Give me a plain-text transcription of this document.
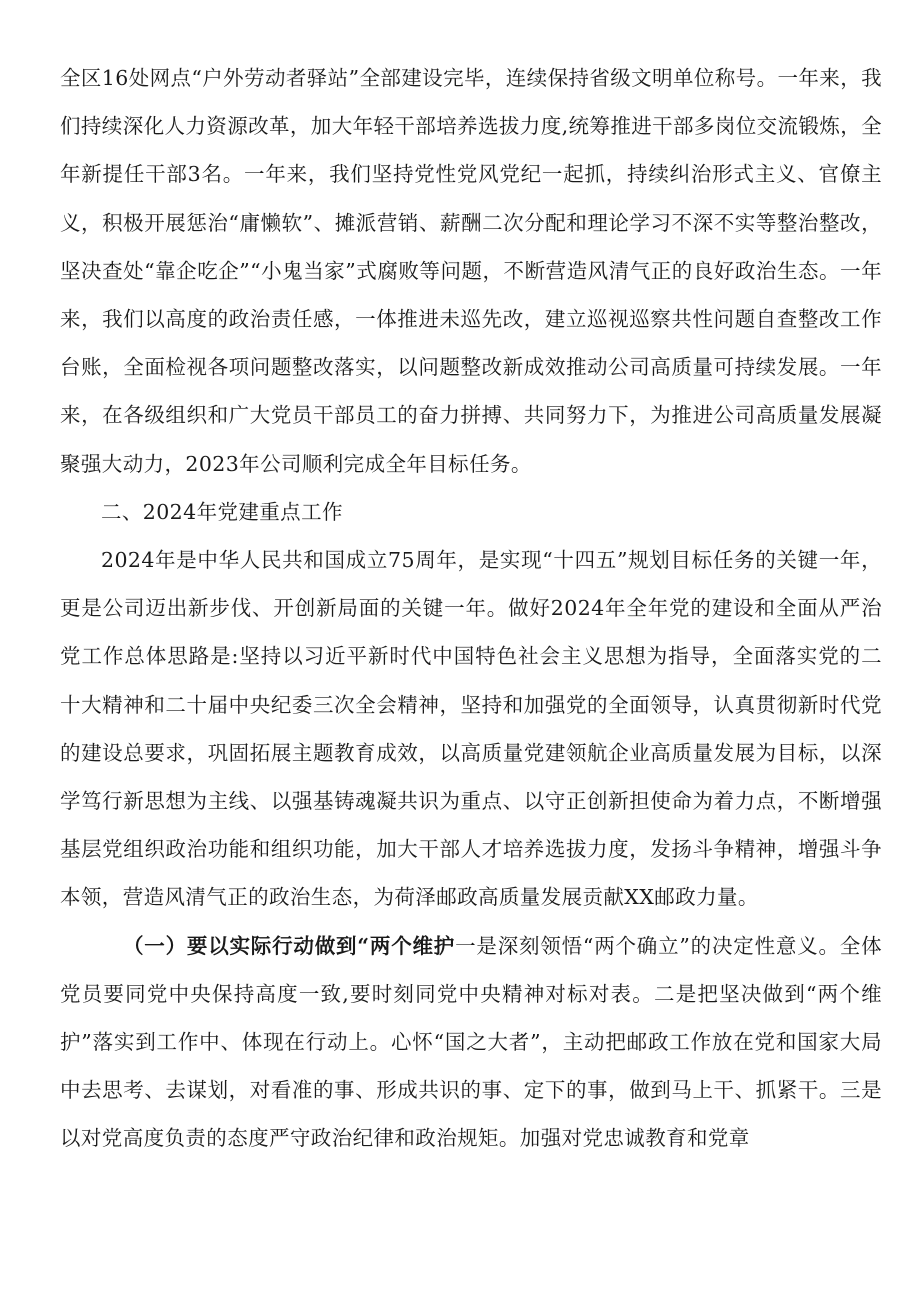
全区16处网点“户外劳动者驿站”全部建设完毕，连续保持省级文明单位称号。一年来，我们持续深化人力资源改革，加大年轻干部培养选拔力度,统筹推进干部多岗位交流锻炼，全年新提任干部3名。一年来，我们坚持党性党风党纪一起抓，持续纠治形式主义、官僚主义，积极开展惩治“庸懒软”、摊派营销、薪酬二次分配和理论学习不深不实等整治整改，坚决查处“靠企吃企”“小鬼当家”式腐败等问题，不断营造风清气正的良好政治生态。一年来，我们以高度的政治责任感，一体推进未巡先改，建立巡视巡察共性问题自查整改工作台账，全面检视各项问题整改落实，以问题整改新成效推动公司高质量可持续发展。一年来，在各级组织和广大党员干部员工的奋力拼搏、共同努力下，为推进公司高质量发展凝聚强大动力，2023年公司顺利完成全年目标任务。

二、2024年党建重点工作

2024年是中华人民共和国成立75周年，是实现“十四五”规划目标任务的关键一年，更是公司迈出新步伐、开创新局面的关键一年。做好2024年全年党的建设和全面从严治党工作总体思路是:坚持以习近平新时代中国特色社会主义思想为指导，全面落实党的二十大精神和二十届中央纪委三次全会精神，坚持和加强党的全面领导，认真贯彻新时代党的建设总要求，巩固拓展主题教育成效，以高质量党建领航企业高质量发展为目标，以深学笃行新思想为主线、以强基铸魂凝共识为重点、以守正创新担使命为着力点，不断增强基层党组织政治功能和组织功能，加大干部人才培养选拔力度，发扬斗争精神，增强斗争本领，营造风清气正的政治生态，为荷泽邮政高质量发展贡献XX邮政力量。

（一）要以实际行动做到“两个维护一是深刻领悟“两个确立”的决定性意义。全体党员要同党中央保持高度一致,要时刻同党中央精神对标对表。二是把坚决做到“两个维护”落实到工作中、体现在行动上。心怀“国之大者”，主动把邮政工作放在党和国家大局中去思考、去谋划，对看准的事、形成共识的事、定下的事，做到马上干、抓紧干。三是以对党高度负责的态度严守政治纪律和政治规矩。加强对党忠诚教育和党章
